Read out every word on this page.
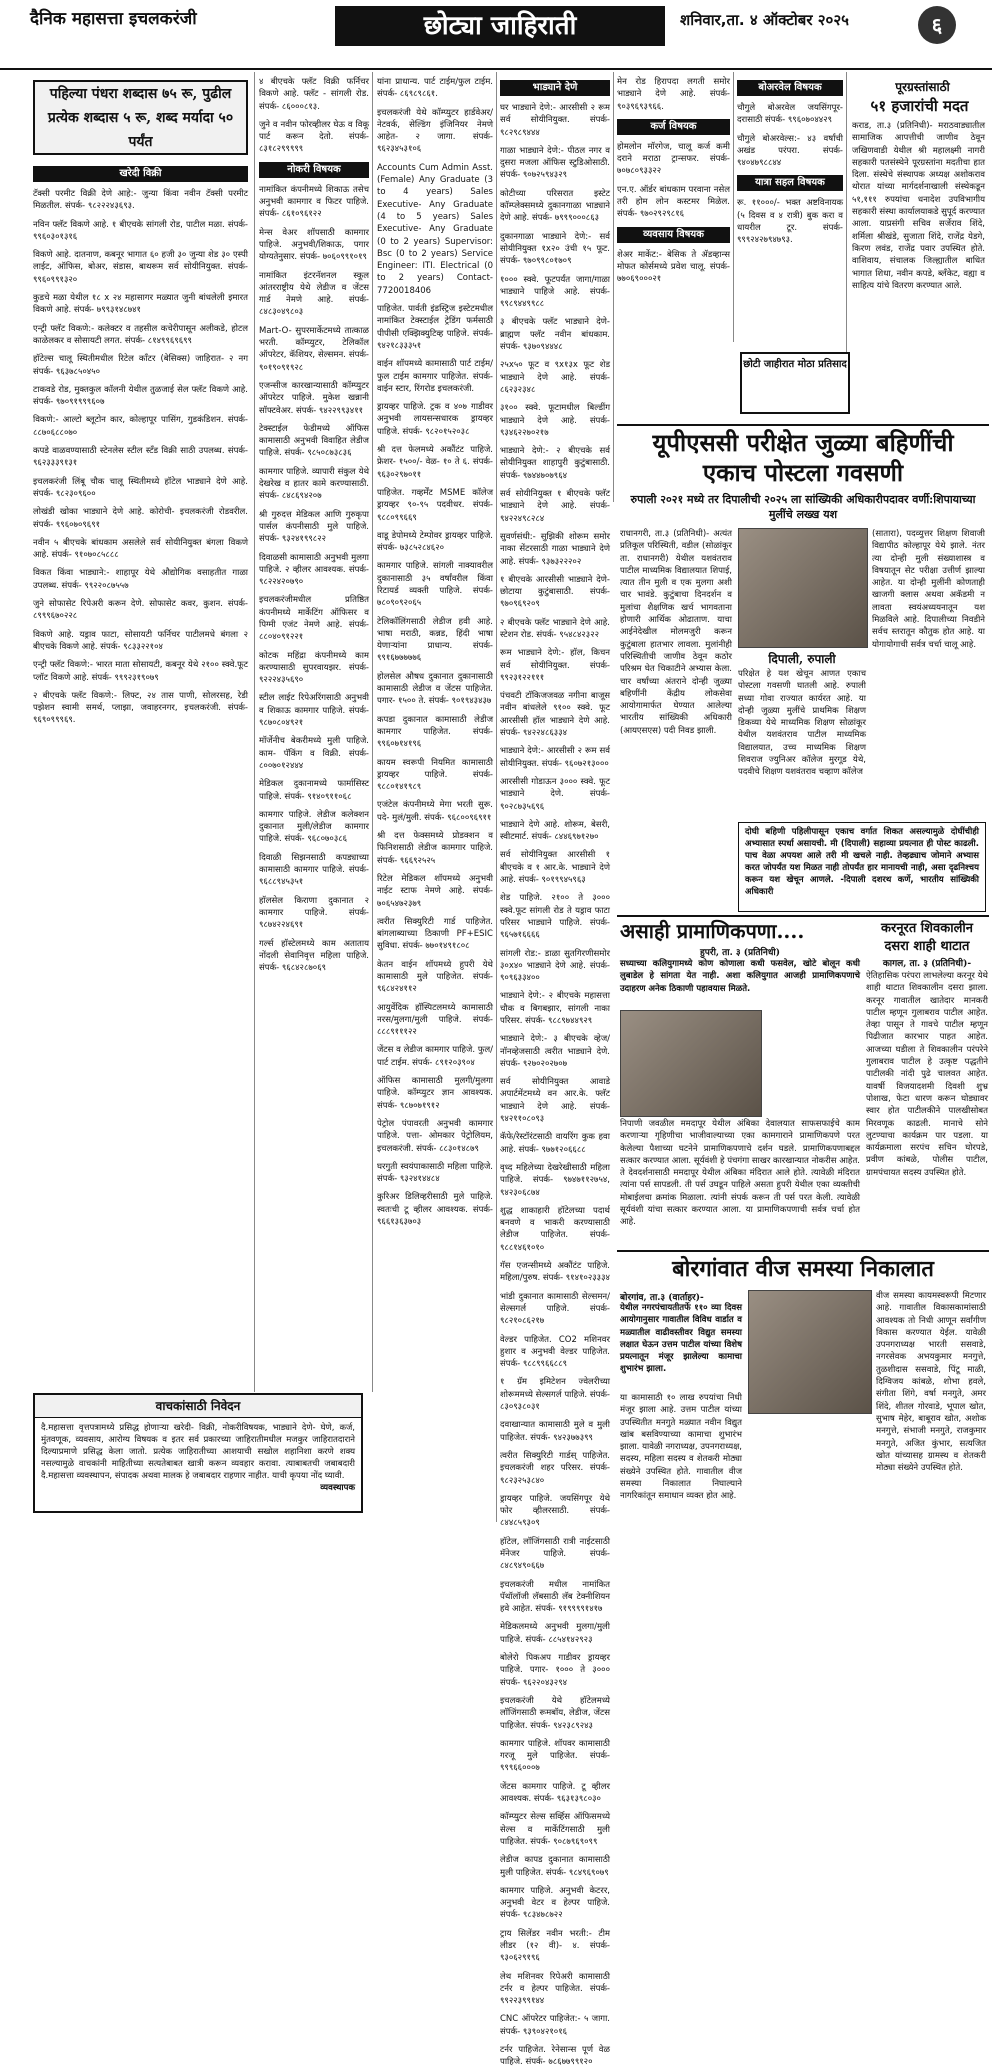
दैनिक महासत्ता इचलकरंजी	छोट्या जाहिराती	शनिवार,ता. ४ ऑक्टोबर २०२५	६
पहिल्या पंधरा शब्दास ७५ रू, पुढील प्रत्येक शब्दास ५ रू, शब्द मर्यादा ५० पर्यंत
खरेदी विक्री

टॅक्सी परमीट विक्री देणे आहे:- जुन्या किंवा नवीन टॅक्सी परमीट मिळतील. संपर्क- ९८२२२४३६९३.

नविन फ्लॅट विकणे आहे. १ बीएचके सांगली रोड, पाटील मळा. संपर्क- ९९६०३०१३१६

विकणे आहे. दातनाण, कबनूर भागात ६० हजी ३० जुन्या शेड ३० एस्पी लाईट, ऑफिस, बोअर, संडास, बाथरूम सर्व सोयीनियुक्त. संपर्क- ९९६०९९१३२०

कुडचे मळा येथील १८ x २४ महासागर मळ्यात जुनी बांधलेली इमारत विकणे आहे. संपर्क- ७९९३१४८७४१

एन्ट्री फ्लॅट विकणे:- कलेक्टर व तहसील कचेरीपासून अलीकडे, होटल काळेलकर व सोसायटी लगत. संपर्क- ८१४९९६९६९९

हॉटेल्स चालू स्थितीमधील रिटेल काँटर (बेसिक्स) जाहिरात- २ नग संपर्क- ९६३७८५०४५०

टाकवडे रोड, मुक्तकुल कॉलनी येथील तुळजाई सेल फ्लॅट विकणे आहे. संपर्क- ९७०९१९९९६०७

विकणे:- आल्टो ब्लूटोन कार, कोल्हापूर पासिंग, गुडकंडिशन. संपर्क- ८८७०६८८०७०

कपडे वाळवण्यासाठी स्टेनलेस स्टील स्टँड विक्री साठी उपलब्ध. संपर्क- ९६२३३३९१३१

इचलकरंजी लिंबू चौक चालू स्थितीमध्ये हॉटेल भाड्याने देणे आहे. संपर्क- ९८२३०९६००

लोखंडी खोका भाड्याने देणे आहे. कोरोची- इचलकरंजी रोडवरील. संपर्क- ९९६०७०९६९१

नवीन ५ बीएचके बांधकाम असलेले सर्व सोयीनियुक्त बंगला विकणे आहे. संपर्क- ९१०७०८५८८८

विकत किंवा भाड्याने:- शाहापूर येथे औद्योगिक वसाहतीत गाळा उपलब्ध. संपर्क- ९९२२०८७५५७

जुने सोफासेट रिपेअरी करून देणे. सोफासेट कवर, कुशन. संपर्क- ८९९९६७०२२८

विकणे आहे. यड्राव फाटा, सोसायटी फर्निचर पाटीलमधे बंगला २ बीएचके विकणे आहे. संपर्क- ९८३३२२१०४

एन्ट्री फ्लॅट विकणे:- भारत माता सोसायटी, कबनूर येथे २१०० स्क्वे.फूट प्लॉट विकणे आहे. संपर्क- ९९९२३१९०७९

२ बीएचके फ्लॅट विकणे:- लिफ्ट, २४ तास पाणी, सोलरसह, रेडी पझेशन स्वामी समर्थ, प्लाझा, जवाहरनगर, इचलकरंजी. संपर्क- ९६९०९९९६९.

४ बीएचके फ्लॅट विक्री फर्निचर विकणे आहे. फ्लॅट - सांगली रोड. संपर्क- ८६०००८१३.

जुने व नवीन फोरव्हीलर घेऊ व विकू पार्ट करून देतो. संपर्क- ८३१८२९९९९९

नोकरी विषयक

नामांकित कंपनीमध्ये शिकाऊ तसेच अनुभवी कामगार व फिटर पाहिजे. संपर्क- ८६१०९६१२२

मेन्स वेअर शॉपसाठी कामगार पाहिजे. अनुभवी/शिकाऊ, पगार योग्यतेनुसार. संपर्क- ७०६०९९१०१९

नामांकित इंटरनॅशनल स्कूल आंतरराष्ट्रीय येथे लेडीज व जेंटस गार्ड नेमणे आहे. संपर्क- ८४८३०४९८०३

Mart-O- सुपरमार्केटमध्ये तात्काळ भरती. कॉम्प्युटर, टेलिकॉल ऑपरेटर, कॅशियर, सेल्समन. संपर्क- ९०१९०९१९२८

एजन्सीज कारखान्यासाठी कॉम्प्युटर ऑपरेटर पाहिजे. मुकेश खन्नानी सॉफ्टवेअर. संपर्क- ९४२२९९३४११

टेक्स्टाईल फेडीमध्ये ऑफिस कामासाठी अनुभवी विवाहित लेडीज पाहिजे. संपर्क- ९८५०८७३८३६

कामगार पाहिजे. व्यापारी संकुल येथे देखरेख व हातर कामे करण्यासाठी. संपर्क- ८४८६९४२०७

श्री गुरुदत्त मेडिकल आणि गुरुकृपा पार्सल कंपनीसाठी मुले पाहिजे. संपर्क- ९३२४१९९८२२

दिवाळसी कामासाठी अनुभवी मुलगा पाहिजे. २ व्हीलर आवश्यक. संपर्क- ९८२२४२०७९०

इचलकरंजीमधील प्रतिष्ठित कंपनीमध्ये मार्केटिंग ऑफिसर व पिग्मी एजंट नेमणे आहे. संपर्क- ८८०४०९१२२१

कोटक महिंद्रा कंपनीमध्ये काम करण्यासाठी सुपरवायझर. संपर्क- ९२२२४३५६९०

स्टील लाईट रिपेअरिंगसाठी अनुभवी व शिकाऊ कामगार पाहिजे. संपर्क- ९८७०८०४९२१

मॉर्जेनीच बेकरीमध्ये मुली पाहिजे. काम- पॅकिंग व विक्री. संपर्क- ८००७०१२४४४

मेडिकल दुकानामध्ये फार्मासिस्ट पाहिजे. संपर्क- ९१४०९११०६८

कामगार पाहिजे. लेडीज कलेक्शन दुकानात मुली/लेडीज कामगार पाहिजे. संपर्क- ९६८०७०३८६

दिवाळी सिझनसाठी कपड्याच्या कामासाठी कामगार पाहिजे. संपर्क- ९६८८९४५३५१

हॉलसेल किराणा दुकानात २ कामगार पाहिजे. संपर्क- ९८७४२२४६९१

गर्ल्स हॉस्टेलमध्ये काम अताताय नोंदली सेवानिवृत्त महिला पाहिजे. संपर्क- ९६८४२८७०६९

यांना प्राधान्य. पार्ट टाईम/फुल टाईम. संपर्क- ८६९८९८६१.

इचलकरंजी येथे कॉम्प्युटर हार्डवेअर/नेटवर्क, सेल्डिंग इंजिनियर नेमणे आहेत- २ जागा. संपर्क- ९६२३४५३१०६

Accounts Cum Admin Asst. (Female) Any Graduate (3 to 4 years) Sales Executive- Any Graduate (4 to 5 years) Sales Executive- Any Graduate (0 to 2 years) Supervisor: Bsc (0 to 2 years) Service Engineer: ITI. Electrical (0 to 2 years) Contact- 7720018406

पाहिजेत. पार्वती इंडस्ट्रिज इस्टेटमधील नामांकित टेक्स्टाईल ट्रेडिंग फर्मसाठी पीपीसी एक्झिक्युटिव्ह पाहिजे. संपर्क- ९४२१८३३३५१

वाईन शॉपमध्ये कामासाठी पार्ट टाईम/फुल टाईम कामगार पाहिजेत. संपर्क- वाईन स्टार, रिंगरोड इचलकरंजी.

ड्रायव्हर पाहिजे. ट्रक व ४०७ गाडीवर अनुभवी लायसन्सधारक ड्रायव्हर पाहिजे. संपर्क- ९८२०१५२०३८

श्री दत्त फेलमध्ये अकौंटंट पाहिजे. फ्रेशर- १५००/- वेळ- १० ते ६. संपर्क- ९६३०२९७०११

पाहिजेत. गव्हर्मेंट MSME कॉलेज ड्रायव्हर ९०-९५ पदवीधर. संपर्क- ९८८०९९६६९

वाडू डेपोमध्ये टेम्पोवर ड्रायव्हर पाहिजे. संपर्क- ७३८५२८४६२०

कामगार पाहिजे. सांगली नाक्यावरील दुकानासाठी ३५ वर्षांवरील किंवा रिटायर्ड व्यक्ती पाहिजे. संपर्क- ७८०९०९२०६५

टेलिकॉलिंगसाठी लेडीज हवी आहे. भाषा मराठी, कन्नड, हिंदी भाषा येणाऱ्यांना प्राधान्य. संपर्क- ९९१६७७७७७६

होलसेल औषध दुकानात दुकानासाठी कामासाठी लेडीज व जेंटस पाहिजेत. पगार- १५०० ते. संपर्क- ९०१९४३४३७

कपडा दुकानात कामासाठी लेडीज कामगार पाहिजेत. संपर्क- ९९६०७१४१९६

कायम स्वरूपी नियमित कामासाठी ड्रायव्हर पाहिजे. संपर्क- ९८८०१४१९८९

एजंटेल कंपनीमध्ये मेगा भरती सुरू. पदे- मुलं/मुली. संपर्क- ९६८००९६९११

श्री दत्त फेक्समध्ये प्रोडक्शन व फिनिशसाठी लेडीज कामगार पाहिजे. संपर्क- ९६६९२५२५

रिटेल मेडिकल शॉपमध्ये अनुभवी नाईट स्टाफ नेमणे आहे. संपर्क- ७०६५४७२३७९

त्वरीत सिक्युरिटी गार्ड पाहिजेत. बांगलाब्याच्या ठिकाणी PF+ESIC सुविधा. संपर्क- ७७०१४९१८०८

केतन वाईन शॉपमध्ये हुपरी येथे कामासाठी मुले पाहिजेत. संपर्क- ९६८४२४११२

आयुर्वेदिक हॉस्पिटलमध्ये कामासाठी नरस/मुलगा/मुली पाहिजे. संपर्क- ८८८९१११२२

जेंटस व लेडीज कामगार पाहिजे. फुल/पार्ट टाईम. संपर्क- ८९१२०३९०४

ऑफिस कामासाठी मुलगी/मुलगा पाहिजे. कॉम्प्युटर ज्ञान आवश्यक. संपर्क- ९८७०७१९१२

पेट्रोल पंपावरती अनुभवी कामगार पाहिजे. पत्ता- ओमकार पेट्रोलियम, इचलकरंजी. संपर्क- ८८३०१४८७९

घरगुती स्वयंपाकासाठी महिला पाहिजे. संपर्क- ९३२४१४४८४

कुरिअर डिलिव्हरीसाठी मुले पाहिजे. स्वतःची टू व्हीलर आवश्यक. संपर्क- ९६६१३६३७०३

भाड्याने देणे

घर भाड्याने देणे:- आरसीसी २ रूम सर्व सोयीनियुक्त. संपर्क- ९८२९८९४४४

गाळा भाड्याने देणे:- पीठल नगर व दुसरा मजला ऑफिस स्टुडिओसाठी. संपर्क- ९०७२५९४३२९

कोटीच्या परिसरात इस्टेट कॉम्प्लेक्समध्ये दुकानगाळा भाड्याने देणे आहे. संपर्क- ७९९९०००८६३

दुकानगाळा भाड्याने देणे:- सर्व सोयीनियुक्त १x२० उंची १५ फूट. संपर्क- ९७०९९८०१७०९

१००० स्क्वे. फूटपर्यंत जागा/गाळा भाड्याने पाहिजे आहे. संपर्क- ९९८९४४९९८८

३ बीएचके फ्लॅट भाड्याने देणे- ब्राह्मण फ्लॅट नवीन बांधकाम. संपर्क- ९३७०९४४४८

२५x५० फूट व ९x१३x फूट शेड भाड्याने देणे आहे. संपर्क- ८६२३२३४८

३१०० स्क्वे. फूटामधील बिल्डींग भाड्याने देणे आहे. संपर्क- ९३४६२२७०२१७

भाड्याने देणे:- २ बीएचके सर्व सोयीनियुक्त शाहापुरी कुटुंबासाठी. संपर्क- ९७४४७०७९६४

सर्व सोयीनियुक्त १ बीएचके फ्लॅट भाड्याने देणे आहे. संपर्क- ९४२२४९८२८४

सुवर्णसंधी:- सुझिकी शोरूम समोर नाका सेंटरसाठी गाळा भाड्याने देणे आहे. संपर्क- ९३७३२२२०२

१ बीएचके आरसीसी भाड्याने देणे- छोटाया कुटुंबासाठी. संपर्क- ९७०९६९२०९

२ बीएचके फ्लॅट भाड्याने देणे आहे. स्टेशन रोड. संपर्क- ९५४८४२३२२

रूम भाड्याने देणे:- हॉल, किचन सर्व सोयीनियुक्त. संपर्क- ९९२३१२२१११

पंचवटी टॉकिजजवळ नगीना बाजूस नवीन बांधलेले ९१०० स्क्वे. फूट आरसीसी हॉल भाड्याने देणे आहे. संपर्क- ९४२२४८६३३४

भाड्याने देणे:- आरसीसी २ रूम सर्व सोयीनियुक्त. संपर्क- ९६०७२१३०००

आरसीसी गोडाऊन ३००० स्क्वे. फूट भाड्याने देणे. संपर्क- ९०२८७३५६९६

भाड्याने देणे आहे. शोरूम, बेसरी, स्वीटमार्ट. संपर्क- ८४४६९७१२७०

सर्व सोयीनियुक्त आरसीसी १ बीएचके व १ आर.के. भाड्याने देणे आहे. संपर्क- ९०१९९४५९६३

शेड पाहिजे. २१०० ते ३००० स्क्वे.फूट सांगली रोड ते यड्राव फाटा परिसर भाड्याने पाहिजे. संपर्क- ९६५७१६६६६

सांगली रोड:- डाळा सुतगिरणीसमोर ३०x४० भाड्याने देणे आहे. संपर्क- ९०९६३३४००

भाड्याने देणे:- २ बीएचके महासत्ता चौक व बिगबझार, सांगली नाका परिसर. संपर्क- ९८८९७४४९२९

भाड्याने देणे:- ३ बीएचके व्हेज/नॉनव्हेजसाठी त्वरीत भाड्याने देणे. संपर्क- ९२७०२०२७०७

सर्व सोयीनियुक्त आवाडे अपार्टमेंटमध्ये वन आर.के. फ्लॅट भाड्याने देणे आहे. संपर्क- ९४२११०८०९३

कॅफे/रेस्टॉरंटसाठी वायरिंग कुक हवा आहे. संपर्क- ९७७१२०६६८८

वृध्द महिलेच्या देखरेखीसाठी महिला पाहिजे. संपर्क- ९७४७११२७५४, ९४२३०६८७४

शुद्ध शाकाहारी हॉटेलच्या पदार्थ बनवणे व भाकरी करण्यासाठी लेडीज पाहिजेत. संपर्क- ९८८१४६१०१०

गॅस एजन्सीमध्ये अकौंटंट पाहिजे. महिला/पुरुष. संपर्क- ९१४१०२३३३४

भांडी दुकानात कामासाठी सेल्समन/सेल्सगर्ल पाहिजे. संपर्क- ९८२१०८६२१७

वेल्डर पाहिजेत. CO2 मशिनवर हुशार व अनुभवी वेल्डर पाहिजेत. संपर्क- ९८८९९६६८८९

१ ग्रॅम इमिटेशन ज्वेलरीच्या शोरूममध्ये सेल्सगर्ल पाहिजे. संपर्क- ८३०९३८०३१

दवाखान्यात कामासाठी मुले व मुली पाहिजेत. संपर्क- ९४२३७७३९९

त्वरीत सिक्युरिटी गार्डस् पाहिजेत. इचलकरंजी शहर परिसर. संपर्क- ९८२३२५३८४०

ड्रायव्हर पाहिजे. जयसिंगपूर येथे फोर व्हीलरसाठी. संपर्क- ८४४८५९३०९

हॉटेल, लॉजिंगसाठी रात्री नाईटसाठी मॅनेजर पाहिजे. संपर्क- ८४८९४९०६६७

इचलकरंजी मधील नामांकित पॅथॉलॉजी लॅबसाठी लॅब टेक्नीशियन हवे आहेत. संपर्क- ९१९९९९१४१७

मेडिकलमध्ये अनुभवी मुलगा/मुली पाहिजे. संपर्क- ८८५४१४२९२३

बोलेरो पिकअप गाडीवर ड्रायव्हर पाहिजे. पगार- १००० ते ३००० संपर्क- ९६२२०४३२९४

इचलकरंजी येथे हॉटेलमध्ये लॉजिंगसाठी रूमबॉय, लेडीज, जेंटस पाहिजेत. संपर्क- ९४२३८९२४३

कामगार पाहिजे. शॉपवर कामासाठी गरजू मुले पाहिजेत. संपर्क- ९९९६६०००७

जेंटस कामगार पाहिजे. टू व्हीलर आवश्यक. संपर्क- ९६३१३९८०३०

कॉम्प्युटर सेल्स सर्व्हिस ऑफिसमध्ये सेल्स व मार्केटिंगसाठी मुली पाहिजेत. संपर्क- ९०८७९६९०९९

लेडीज कापड दुकानात कामासाठी मुली पाहिजेत. संपर्क- ९८४९६९०७९

कामगार पाहिजे. अनुभवी केटरर, अनुभवी वेटर व हेल्पर पाहिजे. संपर्क- ९८३४७८७२२

ट्राय सिलेंडर नवीन भरती:- टीम लीडर (१२ वी)- ४. संपर्क- ९३०६२९१९६

लेथ मशिनवर रिपेअरी कामासाठी टर्नर व हेल्पर पाहिजेत. संपर्क- ९९२२३९९१४४

CNC ऑपरेटर पाहिजेत:- ५ जागा. संपर्क- ९३९०४२१०१६

टर्नर पाहिजेत. रेनेसान्स पूर्ण वेळ पाहिजे. संपर्क- ७८६७७९९१२०

मेन रोड हिरापदा लगती समोर भाड्याने देणे आहे. संपर्क- ९०३९६९३९६६.

कर्ज विषयक

होमलोन मॉरगेज, चालू कर्ज कमी दराने मराठा ट्रान्सफर. संपर्क- ७०७८०९३३२२

एन.ए. ऑर्डर बांधकाम परवाना नसेल तरी होम लोन कस्टमर मिळेल. संपर्क- ९७०२९२९८१६

व्यवसाय विषयक

शेअर मार्केट:- बेसिक ते ॲडव्हान्स मोफत कोर्समध्ये प्रवेश चालू. संपर्क- ७७०६९०००२१

बोअरवेल विषयक

चौगुले बोअरवेल जयसिंगपूर- दरासाठी संपर्क- ९९६०७०४४२९

चौगुले बोअरवेल्स:- ४३ वर्षांची अखंड परंपरा. संपर्क- ९४०४७९८८४४

यात्रा सहल विषयक

रू. ११०००/- भक्त अष्टविनायक (५ दिवस व ४ रात्री) बुक करा व धायरील टूर. संपर्क- ९९९२४२७९४७९३.

छोटी जाहीरात मोठा प्रतिसाद
पूरग्रस्तांसाठी
५१ हजारांची मदत
कराड, ता.३ (प्रतिनिधी)- मराठवाड्यातील सामाजिक आपत्तीची जाणीव ठेवून जखिणवाडी येथील श्री महालक्ष्मी नागरी सहकारी पतसंस्थेने पूरग्रस्तांना मदतीचा हात दिला. संस्थेचे संस्थापक अध्यक्ष अशोकराव थोरात यांच्या मार्गदर्शनाखाली संस्थेकडून ५१,१११ रुपयांचा धनादेश उपविभागीय सहकारी संस्था कार्यालयाकडे सुपूर्द करण्यात आला. याप्रसंगी सचिव सर्जेराव शिंदे, शर्मिला श्रीखंडे, सुजाता शिंदे, राजेंद्र येडगे, किरण लवंड, राजेंद्र पवार उपस्थित होते. वाशिवाय, संचालक जिल्ह्यातील बाधित भागात शिधा, नवीन कपडे, ब्लँकेट, वह्या व साहित्य यांचे वितरण करण्यात आले.
यूपीएससी परीक्षेत जुळ्या बहिणींची
एकाच पोस्टला गवसणी
रुपाली २०२१ मध्ये तर दिपालीची २०२५ ला सांख्यिकी अधिकारीपदावर वर्णी:शिपायाच्या मुलींचे लख्ख यश
राधानगरी, ता.३ (प्रतिनिधी)- अत्यंत प्रतिकूल परिस्थिती, वडील (सोळांकूर ता. राधानगरी) येथील यशवंतराव पाटील माध्यमिक विद्यालयात शिपाई, त्यात तीन मुली व एक मुलगा अशी चार भावंडे. कुटुंबाचा दिनदर्शन व मुलांचा शैक्षणिक खर्च भागवताना होणारी आर्थिक ओढाताण. याचा आईनेदेखील मोलमजुरी करून कुटुंबाला हातभार लावला. मुलांनीही परिस्थितीची जाणीव ठेवून कठोर परिश्रम घेत चिकाटीने अभ्यास केला. चार वर्षांच्या अंतराने दोन्ही जुळ्या बहिणींनी केंद्रीय लोकसेवा आयोगामार्फत घेण्यात आलेल्या भारतीय सांख्यिकी अधिकारी (आयएसएस) पदी निवड झाली.
दिपाली, रुपाली
परिक्षेत हे यश खेचून आणत एकाच पोस्टला गवसणी घातली आहे. रुपाली सध्या गोवा राज्यात कार्यरत आहे. या दोन्ही जुळ्या मुलींचे प्राथमिक शिक्षण डिकव्या येथे माध्यमिक शिक्षण सोळांकूर येथील यशवंतराव पाटील माध्यमिक विद्यालयात, उच्च माध्यमिक शिक्षण शिवराज ज्युनिअर कॉलेज मुरगूड येथे, पदवीचे शिक्षण यशवंतराव चव्हाण कॉलेज
(सातारा), पदव्युत्तर शिक्षण शिवाजी विद्यापीठ कोल्हापूर येथे झाले. नंतर त्या दोन्ही मुली संख्याशास्त्र व विषयातून सेट परीक्षा उत्तीर्ण झाल्या आहेत. या दोन्ही मुलींनी कोणताही खाजगी क्लास अथवा अकॅडमी न लावता स्वयंअध्ययनातून यश मिळविले आहे. दिपालीच्या निवडीने सर्वच स्तरातून कौतुक होत आहे. या योगायोगाची सर्वत्र चर्चा चालू आहे.
दोघी बहिणी पहिलीपासून एकाच वर्गात शिकत असल्यामुळे दोघींचीही अभ्यासात स्पर्धा असायची. मी (दिपाली) सहाव्या प्रयत्नात ही पोस्ट काढली. पाच वेळा अपयश आले तरी मी खचले नाही. तेव्हढ्याच जोमाने अभ्यास करत जोपर्यंत यश मिळत नाही तोपर्यंत हार मानायची नाही, असा दृढनिश्चय करून यश खेचून आणले. -दिपाली दशरथ कर्णे, भारतीय सांख्यिकी अधिकारी
असाही प्रामाणिकपणा....
हुपरी, ता. ३ (प्रतिनिधी)
सध्याच्या कलियुगामध्ये कोण कोणाला कधी फसवेल, खोटे बोलून कधी लुबाडेल हे सांगता येत नाही. अशा कलियुगात आजही प्रामाणिकपणाचे उदाहरण अनेक ठिकाणी पहावयास मिळते.
निपाणी जवळील ममदापूर येथील अंबिका देवालयात साफसफाईचे काम करणाऱ्या गृहिणीचा भाजीवाल्याच्या एका कामगाराने प्रामाणिकपणे परत केलेल्या पैशाच्या घटनेने प्रामाणिकपणाचे दर्शन घडले. प्रामाणिकपणाबद्दल सत्कार करण्यात आला. सूर्यवंशी हे पंचगंगा साखर कारखान्यात नोकरीस आहेत. ते देवदर्शनासाठी ममदापूर येथील अंबिका मंदिरात आले होते. त्यावेळी मंदिरात त्यांना पर्स सापडली. ती पर्स उघडून पाहिले असता हुपरी येथील एका व्यक्तीची मोबाईलचा क्रमांक मिळाला. त्यांनी संपर्क करून ती पर्स परत केली. त्यावेळी सूर्यवंशी यांचा सत्कार करण्यात आला. या प्रामाणिकपणाची सर्वत्र चर्चा होत आहे.
करनूरत शिवकालीन
दसरा शाही थाटात
कागल, ता. ३ (प्रतिनिधी)-
ऐतिहासिक परंपरा लाभलेल्या करनूर येथे शाही थाटात शिवकालीन दसरा झाला. करनूर गावातील खातेदार मानकरी पाटील म्हणून गुलाबराव पाटील आहेत. तेव्हा पासून ते गावचे पाटील म्हणून पिढीजात कारभार पाहत आहेत. आजच्या घडीला ते शिवकालीन परंपरेने गुलाबराव पाटील हे उत्कृष्ट पद्धतीने पाटीलकी नांदी पुढे चालवत आहेत. यावर्षी विजयादशमी दिवशी शुभ्र पोशाख, फेटा धारण करून घोड्यावर स्वार होत पाटीलकीने पालखीसोबत मिरवणूक काढली. मानाचे सोने लुटण्याचा कार्यक्रम पार पडला. या कार्यक्रमाला सरपंच सचिन घोरपडे, प्रवीण कांबळे, पोलीस पाटील, ग्रामपंचायत सदस्य उपस्थित होते.
बोरगांवात वीज समस्या निकालात
बोरगांव, ता.३ (वार्ताहर)-
येथील नगरपंचायतीतर्फे ११० व्या दिवस आयोगानुसार गावातील विविध वार्डात व मळ्यातील वाढीवस्तीवर विद्युत समस्या लक्षात घेऊन उत्तम पाटील यांच्या विशेष प्रयत्नातून मंजूर झालेल्या कामाचा शुभारंभ झाला.
या कामासाठी १० लाख रुपयांचा निधी मंजूर झाला आहे. उत्तम पाटील यांच्या उपस्थितीत मनगुते मळ्यात नवीन विद्युत खांब बसविण्याच्या कामाचा शुभारंभ झाला. यावेळी नगराध्यक्ष, उपनगराध्यक्ष, सदस्य, महिला सदस्य व शेतकरी मोठ्या संख्येने उपस्थित होते. गावातील वीज समस्या निकालात निघाल्याने नागरिकांतून समाधान व्यक्त होत आहे.
वीज समस्या कायमस्वरूपी मिटणार आहे. गावातील विकासकामांसाठी आवश्यक तो निधी आणून सर्वांगीण विकास करण्यात येईल. यावेळी उपनगराध्यक्ष भारती ससवाडे, नगरसेवक अभयकुमार मनगुत्ते, तुळशीदास ससवाडे, पिंटू माळी, दिग्विजय कांबळे, शोभा हवले, संगीता शिंगे, वर्षा मनगुते, अमर शिंदे, शीतल गोरवाडे, भूपाल खोत, सुभाष मेहेर, बाबूराव खोत, अशोक मनगुत्ते, संभाजी मनगुते, राजकुमार मनगुते, अजित कुंभार, सत्यजित खोत यांच्यासह ग्रामस्थ व शेतकरी मोठ्या संख्येने उपस्थित होते.
वाचकांसाठी निवेदन
दै.महासत्ता वृत्तपत्रामध्ये प्रसिद्ध होणाऱ्या खरेदी- विक्री, नोकरीविषयक, भाड्याने देणे- घेणे, कर्ज, मुंतवणूक, व्यवसाय, आरोग्य विषयक व इतर सर्व प्रकारच्या जाहिरातीमधील मजकुर जाहिरातदाराने दिल्याप्रमाणे प्रसिद्ध केला जातो. प्रत्येक जाहिरातीच्या आशयाची सखोल शहानिशा करणे शक्य नसल्यामुळे वाचकांनी माहितीच्या सत्यतेबाबत खात्री करून व्यवहार करावा. त्याबाबतची जबाबदारी दै.महासत्ता व्यवस्थापन, संपादक अथवा मालक हे जबाबदार राहणार नाहीत. याची कृपया नोंद घ्यावी.
व्यवस्थापक
